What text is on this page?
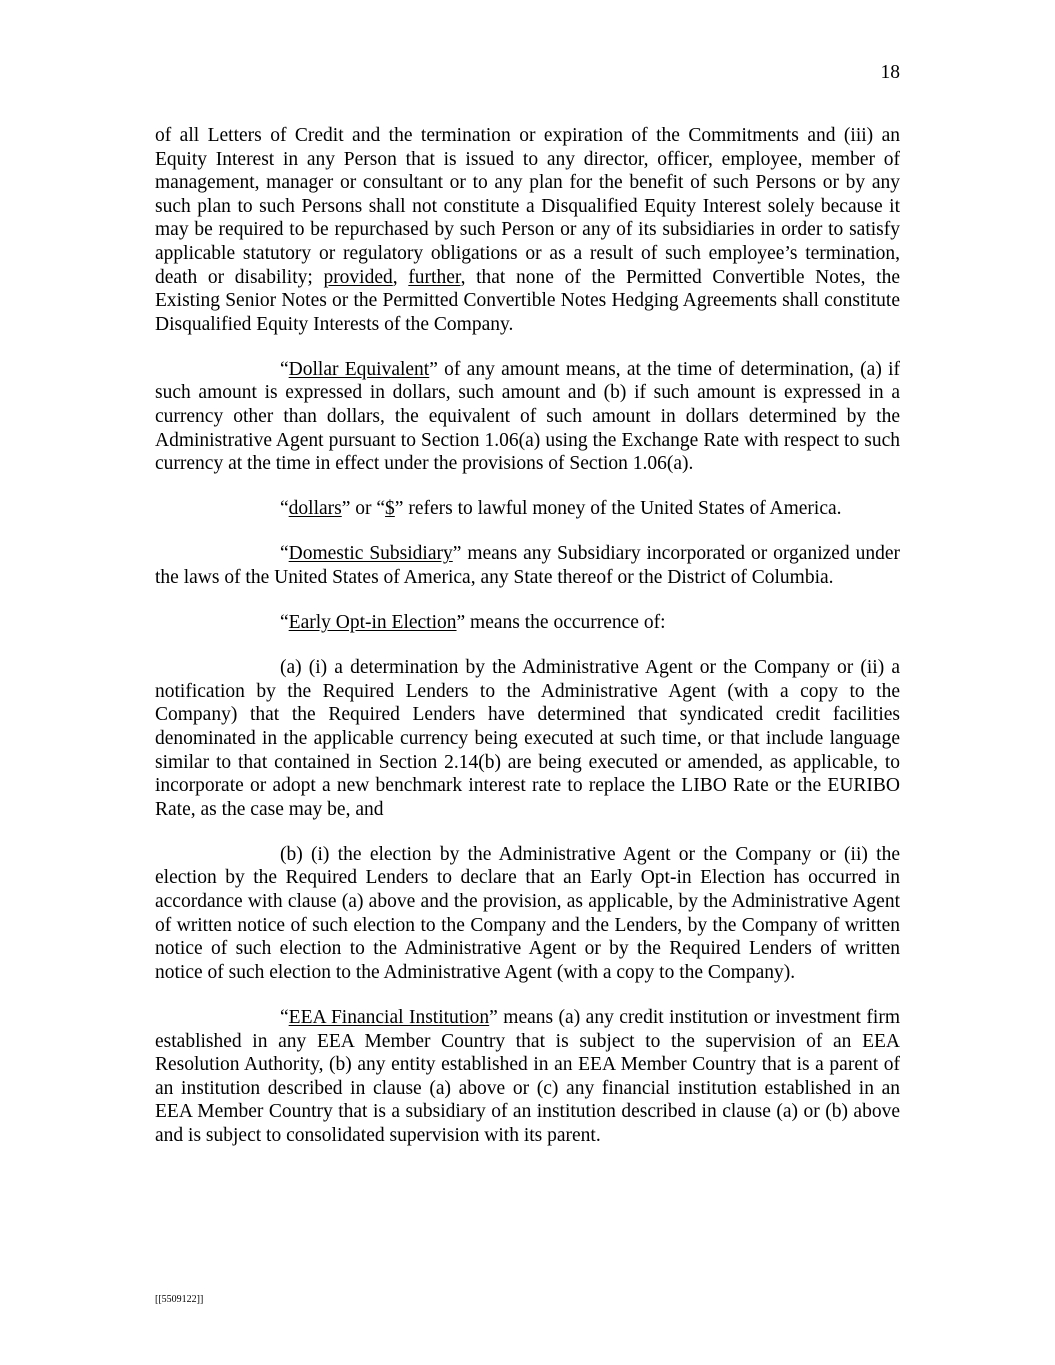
18

of all Letters of Credit and the termination or expiration of the Commitments and (iii) an Equity Interest in any Person that is issued to any director, officer, employee, member of management, manager or consultant or to any plan for the benefit of such Persons or by any such plan to such Persons shall not constitute a Disqualified Equity Interest solely because it may be required to be repurchased by such Person or any of its subsidiaries in order to satisfy applicable statutory or regulatory obligations or as a result of such employee’s termination, death or disability; provided, further, that none of the Permitted Convertible Notes, the Existing Senior Notes or the Permitted Convertible Notes Hedging Agreements shall constitute Disqualified Equity Interests of the Company.

“Dollar Equivalent” of any amount means, at the time of determination, (a) if such amount is expressed in dollars, such amount and (b) if such amount is expressed in a currency other than dollars, the equivalent of such amount in dollars determined by the Administrative Agent pursuant to Section 1.06(a) using the Exchange Rate with respect to such currency at the time in effect under the provisions of Section 1.06(a).

“dollars” or “$” refers to lawful money of the United States of America.

“Domestic Subsidiary” means any Subsidiary incorporated or organized under the laws of the United States of America, any State thereof or the District of Columbia.

“Early Opt-in Election” means the occurrence of:

(a) (i) a determination by the Administrative Agent or the Company or (ii) a notification by the Required Lenders to the Administrative Agent (with a copy to the Company) that the Required Lenders have determined that syndicated credit facilities denominated in the applicable currency being executed at such time, or that include language similar to that contained in Section 2.14(b) are being executed or amended, as applicable, to incorporate or adopt a new benchmark interest rate to replace the LIBO Rate or the EURIBO Rate, as the case may be, and

(b) (i) the election by the Administrative Agent or the Company or (ii) the election by the Required Lenders to declare that an Early Opt-in Election has occurred in accordance with clause (a) above and the provision, as applicable, by the Administrative Agent of written notice of such election to the Company and the Lenders, by the Company of written notice of such election to the Administrative Agent or by the Required Lenders of written notice of such election to the Administrative Agent (with a copy to the Company).

“EEA Financial Institution” means (a) any credit institution or investment firm established in any EEA Member Country that is subject to the supervision of an EEA Resolution Authority, (b) any entity established in an EEA Member Country that is a parent of an institution described in clause (a) above or (c) any financial institution established in an EEA Member Country that is a subsidiary of an institution described in clause (a) or (b) above and is subject to consolidated supervision with its parent.

[[5509122]]
